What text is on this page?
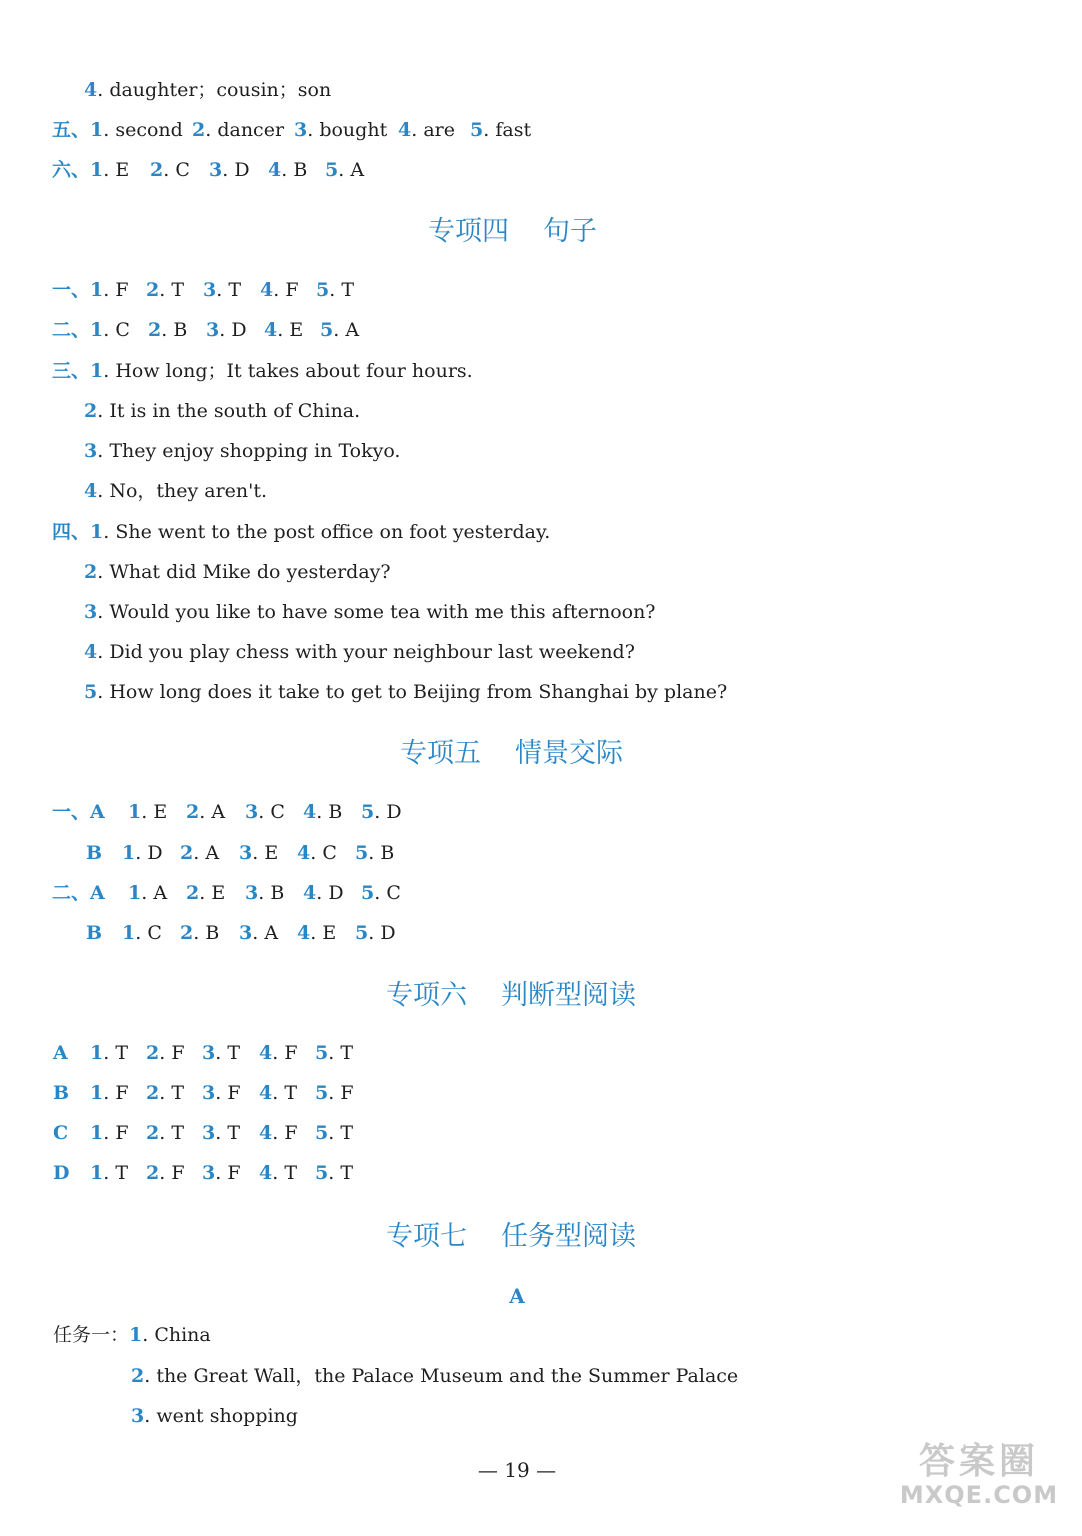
4. daughter；cousin；son
五、1. second 2. dancer 3. bought 4. are 5. fast
六、1. E 2. C 3. D 4. B 5. A
专项四 句子
一、1. F 2. T 3. T 4. F 5. T
二、1. C 2. B 3. D 4. E 5. A
三、1. How long；It takes about four hours.
2. It is in the south of China.
3. They enjoy shopping in Tokyo.
4. No，they aren't.
四、1. She went to the post office on foot yesterday.
2. What did Mike do yesterday?
3. Would you like to have some tea with me this afternoon?
4. Did you play chess with your neighbour last weekend?
5. How long does it take to get to Beijing from Shanghai by plane?
专项五 情景交际
一、A 1. E 2. A 3. C 4. B 5. D
B 1. D 2. A 3. E 4. C 5. B
二、A 1. A 2. E 3. B 4. D 5. C
B 1. C 2. B 3. A 4. E 5. D
专项六 判断型阅读
A 1. T 2. F 3. T 4. F 5. T
B 1. F 2. T 3. F 4. T 5. F
C 1. F 2. T 3. T 4. F 5. T
D 1. T 2. F 3. F 4. T 5. T
专项七 任务型阅读
A
任务一：1. China
2. the Great Wall，the Palace Museum and the Summer Palace
3. went shopping
— 19 —	答案圈
MXQE.COM
